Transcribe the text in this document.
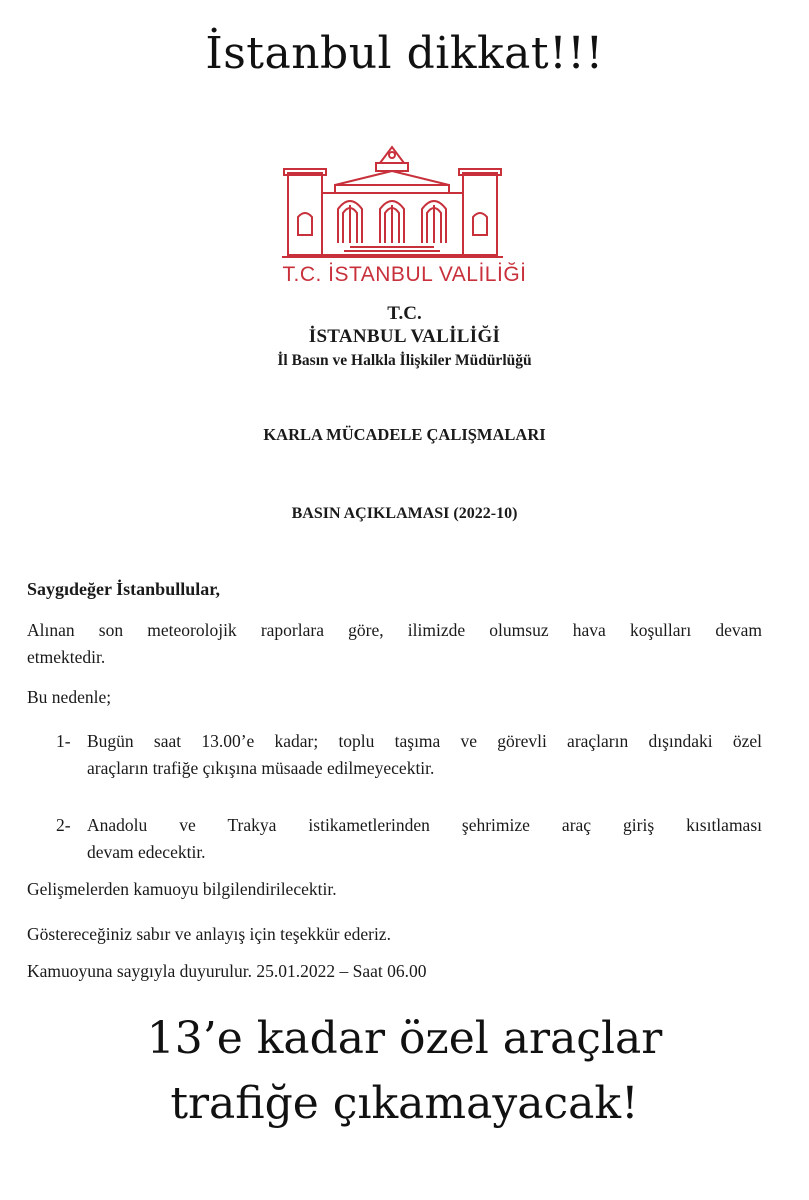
İstanbul dikkat!!!
T.C. İSTANBUL VALİLİĞİ
T.C.
İSTANBUL VALİLİĞİ
İl Basın ve Halkla İlişkiler Müdürlüğü
KARLA MÜCADELE ÇALIŞMALARI
BASIN AÇIKLAMASI (2022-10)
Saygıdeğer İstanbullular,
Alınan son meteorolojik raporlara göre, ilimizde olumsuz hava koşulları devam
etmektedir.
Bu nedenle;
1- Bugün saat 13.00’e kadar; toplu taşıma ve görevli araçların dışındaki özel
araçların trafiğe çıkışına müsaade edilmeyecektir.
2- Anadolu ve Trakya istikametlerinden şehrimize araç giriş kısıtlaması
devam edecektir.
Gelişmelerden kamuoyu bilgilendirilecektir.
Göstereceğiniz sabır ve anlayış için teşekkür ederiz.
Kamuoyuna saygıyla duyurulur. 25.01.2022 – Saat 06.00
13’e kadar özel araçlar
trafiğe çıkamayacak!
